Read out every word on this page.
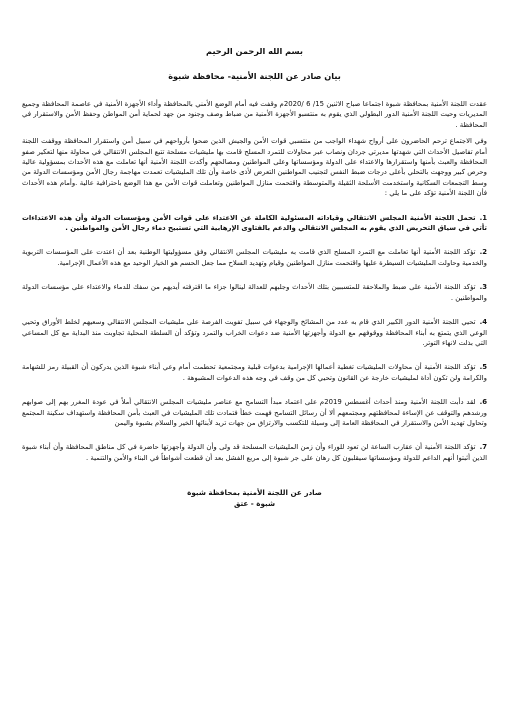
بسم الله الرحمن الرحيم
بيان صادر عن اللجنة الأمنية- محافظة شبوة

عقدت اللجنة الأمنية بمحافظة شبوة اجتماعا صباح الاثنين 15/ 6 /2020م وقفت فيه أمام الوضع الأمني بالمحافظة وأداء الأجهزة الأمنية في عاصمة المحافظة وجميع المديريات وحيت اللجنة الأمنية الدور البطولي الذي يقوم به منتسبو الأجهزة الأمنية من ضباط وصف وجنود من جهد لحماية أمن المواطن وحفظ الأمن والاستقرار في المحافظة .

وفي الاجتماع ترحم الحاضرون على أرواح شهداء الواجب من منتسبي قوات الأمن والجيش الذين ضحوا بأرواحهم في سبيل أمن واستقرار المحافظة ووقفت اللجنة أمام تفاصيل الأحداث التي شهدتها مديرتي جردان ونصاب عبر محاولات للتمرد المسلح قامت بها مليشيات مسلحة تتبع المجلس الانتقالي في محاولة منها لتعكير صفو المحافظة والعبث بأمنها واستقرارها والاعتداء على الدولة ومؤسساتها وعلى المواطنين ومصالحهم وأكدت اللجنة الأمنية أنها تعاملت مع هذه الأحداث بمسؤولية عالية وحرص كبير ووجهت بالتحلي بأعلى درجات ضبط النفس لتجنيب المواطنين التعرض لأذى خاصة وأن تلك المليشيات تعمدت مهاجمة رجال الأمن ومؤسسات الدولة من وسط التجمعات السكانية واستخدمت الأسلحة الثقيلة والمتوسطة واقتحمت منازل المواطنين وتعاملت قوات الأمن مع هذا الوضع باحترافية عالية .وأمام هذه الأحداث فأن اللجنة الأمنية تؤكد على ما يلي :

1.تحمل اللجنة الأمنية المجلس الانتقالي وقياداته المسئولية الكاملة عن الاعتداء على قوات الأمن ومؤسسات الدولة وأن هذه الاعتداءات تأتي في سياق التحريض الذي يقوم به المجلس الانتقالي والدعم بالفتاوى الإرهابية التي تستبيح دماء رجال الأمن والمواطنين .

2.تؤكد اللجنة الأمنية أنها تعاملت مع التمرد المسلح الذي قامت به مليشيات المجلس الانتقالي وفق مسؤوليتها الوطنية بعد أن اعتدت على المؤسسات التربوية والخدمية وحاولت المليشيات السيطرة عليها واقتحمت منازل المواطنين وقيام وتهديد السلاح مما جعل الحسم هو الخيار الوحيد مع هذه الأعمال الإجرامية.

3.تؤكد اللجنة الأمنية على ضبط والملاحقة للمتسببين بتلك الأحداث وجلبهم للعدالة لينالوا جزاء ما اقترفته أيديهم من سفك للدماء والاعتداء على مؤسسات الدولة والمواطنين .

4.تحيي اللجنة الأمنية الدور الكبير الذي قام به عدد من المشائخ والوجهاء في سبيل تفويت الفرصة على مليشيات المجلس الانتقالي وسعيهم لخلط الأوراق وتحيي الوعي الذي يتمتع به أبناء المحافظة ووقوفهم مع الدولة وأجهزتها الأمنية ضد دعوات الخراب والتمرد وتؤكد أن السلطة المحلية تجاوبت منذ البداية مع كل المساعي التي بذلت لانهاء التوتر.

5.تؤكد اللجنة الأمنية أن محاولات المليشيات تغطية أعمالها الإجرامية بدعوات قبلية ومجتمعية تحطمت أمام وعي أبناء شبوة الذين يدركون أن القبيلة رمز للشهامة والكرامة ولن تكون أداة لمليشيات خارجة عن القانون وتحيي كل من وقف في وجه هذه الدعوات المشبوهة .

6.لقد دأبت اللجنة الأمنية ومنذ أحداث أغسطس 2019م على اعتماد مبدأ التسامح مع عناصر مليشيات المجلس الانتقالي أملاً في عودة المغرر بهم إلى صوابهم ورشدهم والتوقف عن الإساءة لمحافظتهم ومجتمعهم ألا أن رسائل التسامح فهمت خطأ فتمادت تلك المليشيات في العبث بأمن المحافظة واستهداف سكينة المجتمع وتحاول تهديد الأمن والاستقرار في المحافظة العامة إلى وسيلة للتكسب والارتزاق من جهات تريد لأبنائها الخير والسلام بشبوة واليمن

7.تؤكد اللجنة الأمنية أن عقارب الساعة لن تعود للوراء وأن زمن المليشيات المسلحة قد ولى وأن الدولة وأجهزتها حاضرة في كل مناطق المحافظة وأن أبناء شبوة الذين أثبتوا أنهم الداعم للدولة ومؤسساتها سيقلبون كل رهان على جر شبوة إلى مربع الفشل بعد أن قطعت أشواطاً في البناء والأمن والتنمية .

صادر عن اللجنة الأمنية بمحافظة شبوة
شبوة - عتق
